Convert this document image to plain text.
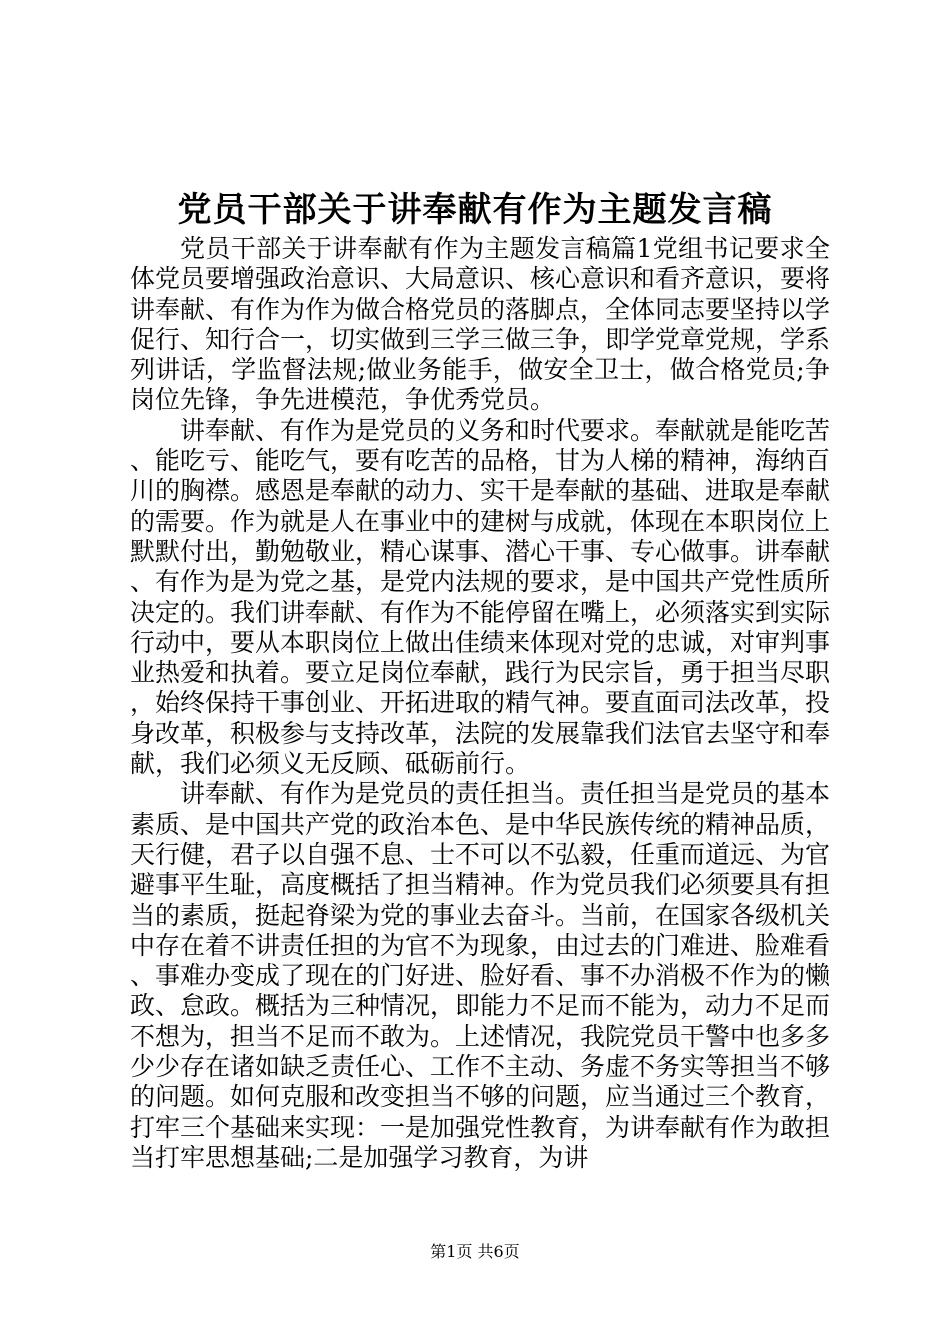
党员干部关于讲奉献有作为主题发言稿

党员干部关于讲奉献有作为主题发言稿篇1党组书记要求全体党员要增强政治意识、大局意识、核心意识和看齐意识，要将讲奉献、有作为作为做合格党员的落脚点，全体同志要坚持以学促行、知行合一，切实做到三学三做三争，即学党章党规，学系列讲话，学监督法规;做业务能手，做安全卫士，做合格党员;争岗位先锋，争先进模范，争优秀党员。

讲奉献、有作为是党员的义务和时代要求。奉献就是能吃苦、能吃亏、能吃气，要有吃苦的品格，甘为人梯的精神，海纳百川的胸襟。感恩是奉献的动力、实干是奉献的基础、进取是奉献的需要。作为就是人在事业中的建树与成就，体现在本职岗位上默默付出，勤勉敬业，精心谋事、潜心干事、专心做事。讲奉献、有作为是为党之基，是党内法规的要求，是中国共产党性质所决定的。我们讲奉献、有作为不能停留在嘴上，必须落实到实际行动中，要从本职岗位上做出佳绩来体现对党的忠诚，对审判事业热爱和执着。要立足岗位奉献，践行为民宗旨，勇于担当尽职，始终保持干事创业、开拓进取的精气神。要直面司法改革，投身改革，积极参与支持改革，法院的发展靠我们法官去坚守和奉献，我们必须义无反顾、砥砺前行。

讲奉献、有作为是党员的责任担当。责任担当是党员的基本素质、是中国共产党的政治本色、是中华民族传统的精神品质，天行健，君子以自强不息、士不可以不弘毅，任重而道远、为官避事平生耻，高度概括了担当精神。作为党员我们必须要具有担当的素质，挺起脊梁为党的事业去奋斗。当前，在国家各级机关中存在着不讲责任担的为官不为现象，由过去的门难进、脸难看、事难办变成了现在的门好进、脸好看、事不办消极不作为的懒政、怠政。概括为三种情况，即能力不足而不能为，动力不足而不想为，担当不足而不敢为。上述情况，我院党员干警中也多多少少存在诸如缺乏责任心、工作不主动、务虚不务实等担当不够的问题。如何克服和改变担当不够的问题，应当通过三个教育，打牢三个基础来实现：一是加强党性教育，为讲奉献有作为敢担当打牢思想基础;二是加强学习教育，为讲

第1页 共6页
